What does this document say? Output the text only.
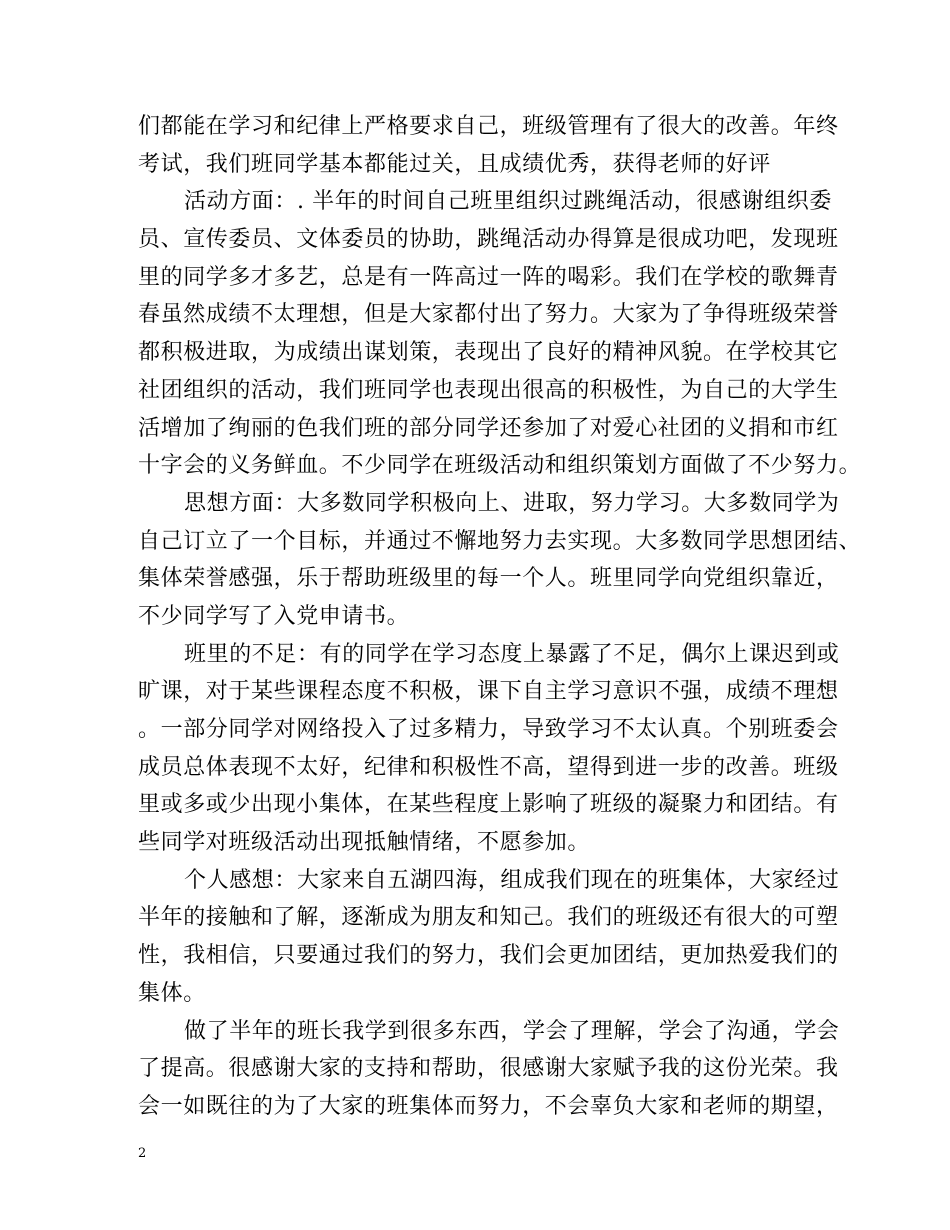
们都能在学习和纪律上严格要求自己，班级管理有了很大的改善。年终
考试，我们班同学基本都能过关，且成绩优秀，获得老师的好评
活动方面：. 半年的时间自己班里组织过跳绳活动，很感谢组织委
员、宣传委员、文体委员的协助，跳绳活动办得算是很成功吧，发现班
里的同学多才多艺，总是有一阵高过一阵的喝彩。我们在学校的歌舞青
春虽然成绩不太理想，但是大家都付出了努力。大家为了争得班级荣誉
都积极进取，为成绩出谋划策，表现出了良好的精神风貌。在学校其它
社团组织的活动，我们班同学也表现出很高的积极性，为自己的大学生
活增加了绚丽的色我们班的部分同学还参加了对爱心社团的义捐和市红
十字会的义务鲜血。不少同学在班级活动和组织策划方面做了不少努力。
思想方面：大多数同学积极向上、进取，努力学习。大多数同学为
自己订立了一个目标，并通过不懈地努力去实现。大多数同学思想团结、
集体荣誉感强，乐于帮助班级里的每一个人。班里同学向党组织靠近，
不少同学写了入党申请书。
班里的不足：有的同学在学习态度上暴露了不足，偶尔上课迟到或
旷课，对于某些课程态度不积极，课下自主学习意识不强，成绩不理想
。一部分同学对网络投入了过多精力，导致学习不太认真。个别班委会
成员总体表现不太好，纪律和积极性不高，望得到进一步的改善。班级
里或多或少出现小集体，在某些程度上影响了班级的凝聚力和团结。有
些同学对班级活动出现抵触情绪，不愿参加。
个人感想：大家来自五湖四海，组成我们现在的班集体，大家经过
半年的接触和了解，逐渐成为朋友和知己。我们的班级还有很大的可塑
性，我相信，只要通过我们的努力，我们会更加团结，更加热爱我们的
集体。
做了半年的班长我学到很多东西，学会了理解，学会了沟通，学会
了提高。很感谢大家的支持和帮助，很感谢大家赋予我的这份光荣。我
会一如既往的为了大家的班集体而努力，不会辜负大家和老师的期望，
2
